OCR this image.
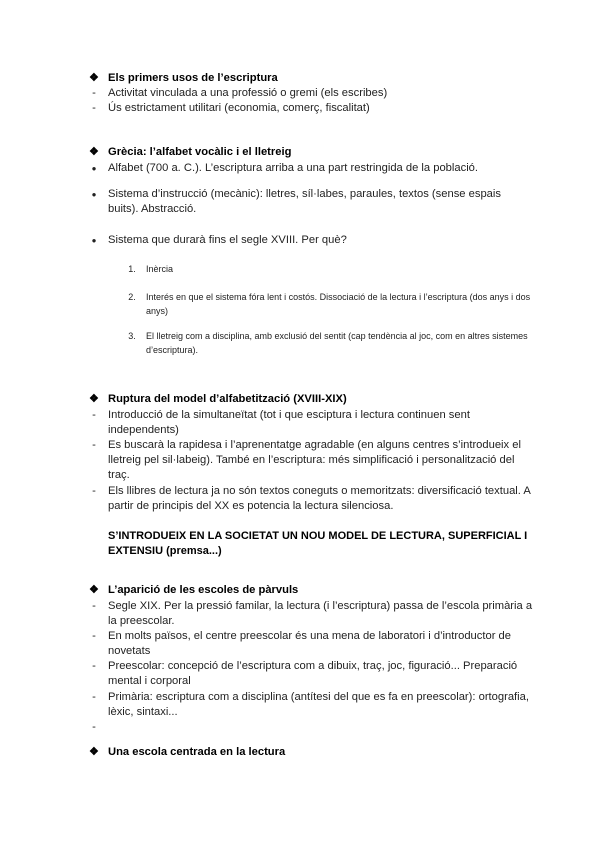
❖ Els primers usos de l’escriptura
-	Activitat vinculada a una professió o gremi (els escribes)
-	Ús estrictament utilitari (economia, comerç, fiscalitat)
❖ Grècia: l’alfabet vocàlic i el lletreig
●	Alfabet (700 a. C.). L’escriptura arriba a una part restringida de la població.
●	Sistema d’instrucció (mecànic): lletres, síl·labes, paraules, textos (sense espais buits). Abstracció.
●	Sistema que durarà fins el segle XVIII. Per què?
1. Inèrcia
2. Interés en que el sistema fóra lent i costós. Dissociació de la lectura i l’escriptura (dos anys i dos anys)
3. El lletreig com a disciplina, amb exclusió del sentit (cap tendència al joc, com en altres sistemes d’escriptura).
❖ Ruptura del model d’alfabetització (XVIII-XIX)
-	Introducció de la simultaneïtat (tot i que esciptura i lectura continuen sent independents)
-	Es buscarà la rapidesa i l’aprenentatge agradable (en alguns centres s’introdueix el lletreig pel sil·labeig). També en l’escriptura: més simplificació i personalització del traç.
-	Els llibres de lectura ja no són textos coneguts o memoritzats: diversificació textual. A partir de principis del XX es potencia la lectura silenciosa.
S’INTRODUEIX EN LA SOCIETAT UN NOU MODEL DE LECTURA, SUPERFICIAL I EXTENSIU (premsa...)
❖ L’aparició de les escoles de pàrvuls
-	Segle XIX. Per la pressió familar, la lectura (i l’escriptura) passa de l’escola primària a la preescolar.
-	En molts països, el centre preescolar és una mena de laboratori i d’introductor de novetats
-	Preescolar: concepció de l’escriptura com a dibuix, traç, joc, figuració... Preparació mental i corporal
-	Primària: escriptura com a disciplina (antítesi del que es fa en preescolar): ortografia, lèxic, sintaxi...
-
❖ Una escola centrada en la lectura
